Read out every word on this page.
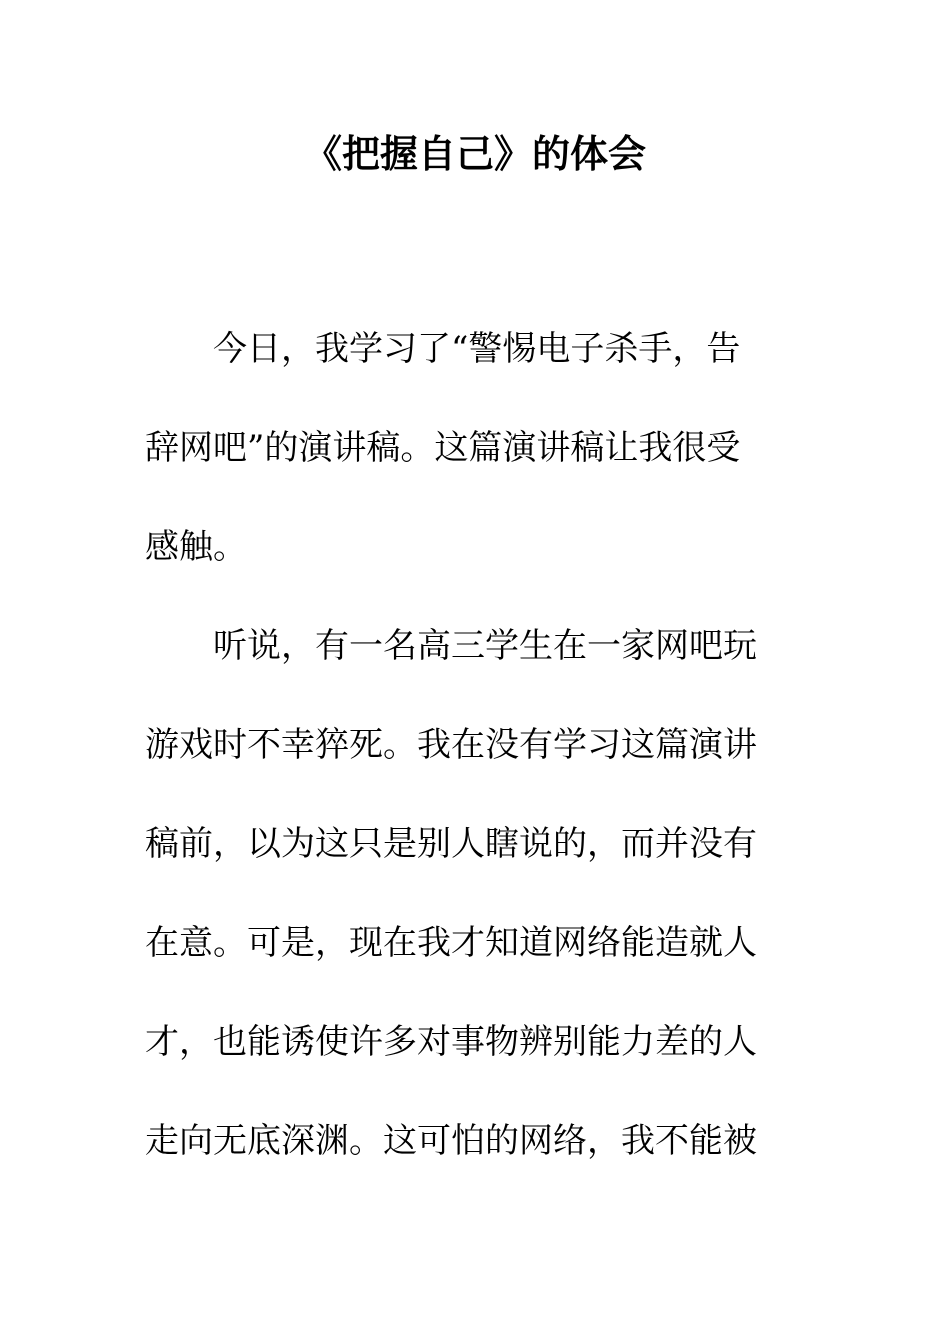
《把握自己》的体会
今日，我学习了“警惕电子杀手，告
辞网吧”的演讲稿。这篇演讲稿让我很受
感触。
听说，有一名高三学生在一家网吧玩
游戏时不幸猝死。我在没有学习这篇演讲
稿前，以为这只是别人瞎说的，而并没有
在意。可是，现在我才知道网络能造就人
才，也能诱使许多对事物辨别能力差的人
走向无底深渊。这可怕的网络，我不能被
